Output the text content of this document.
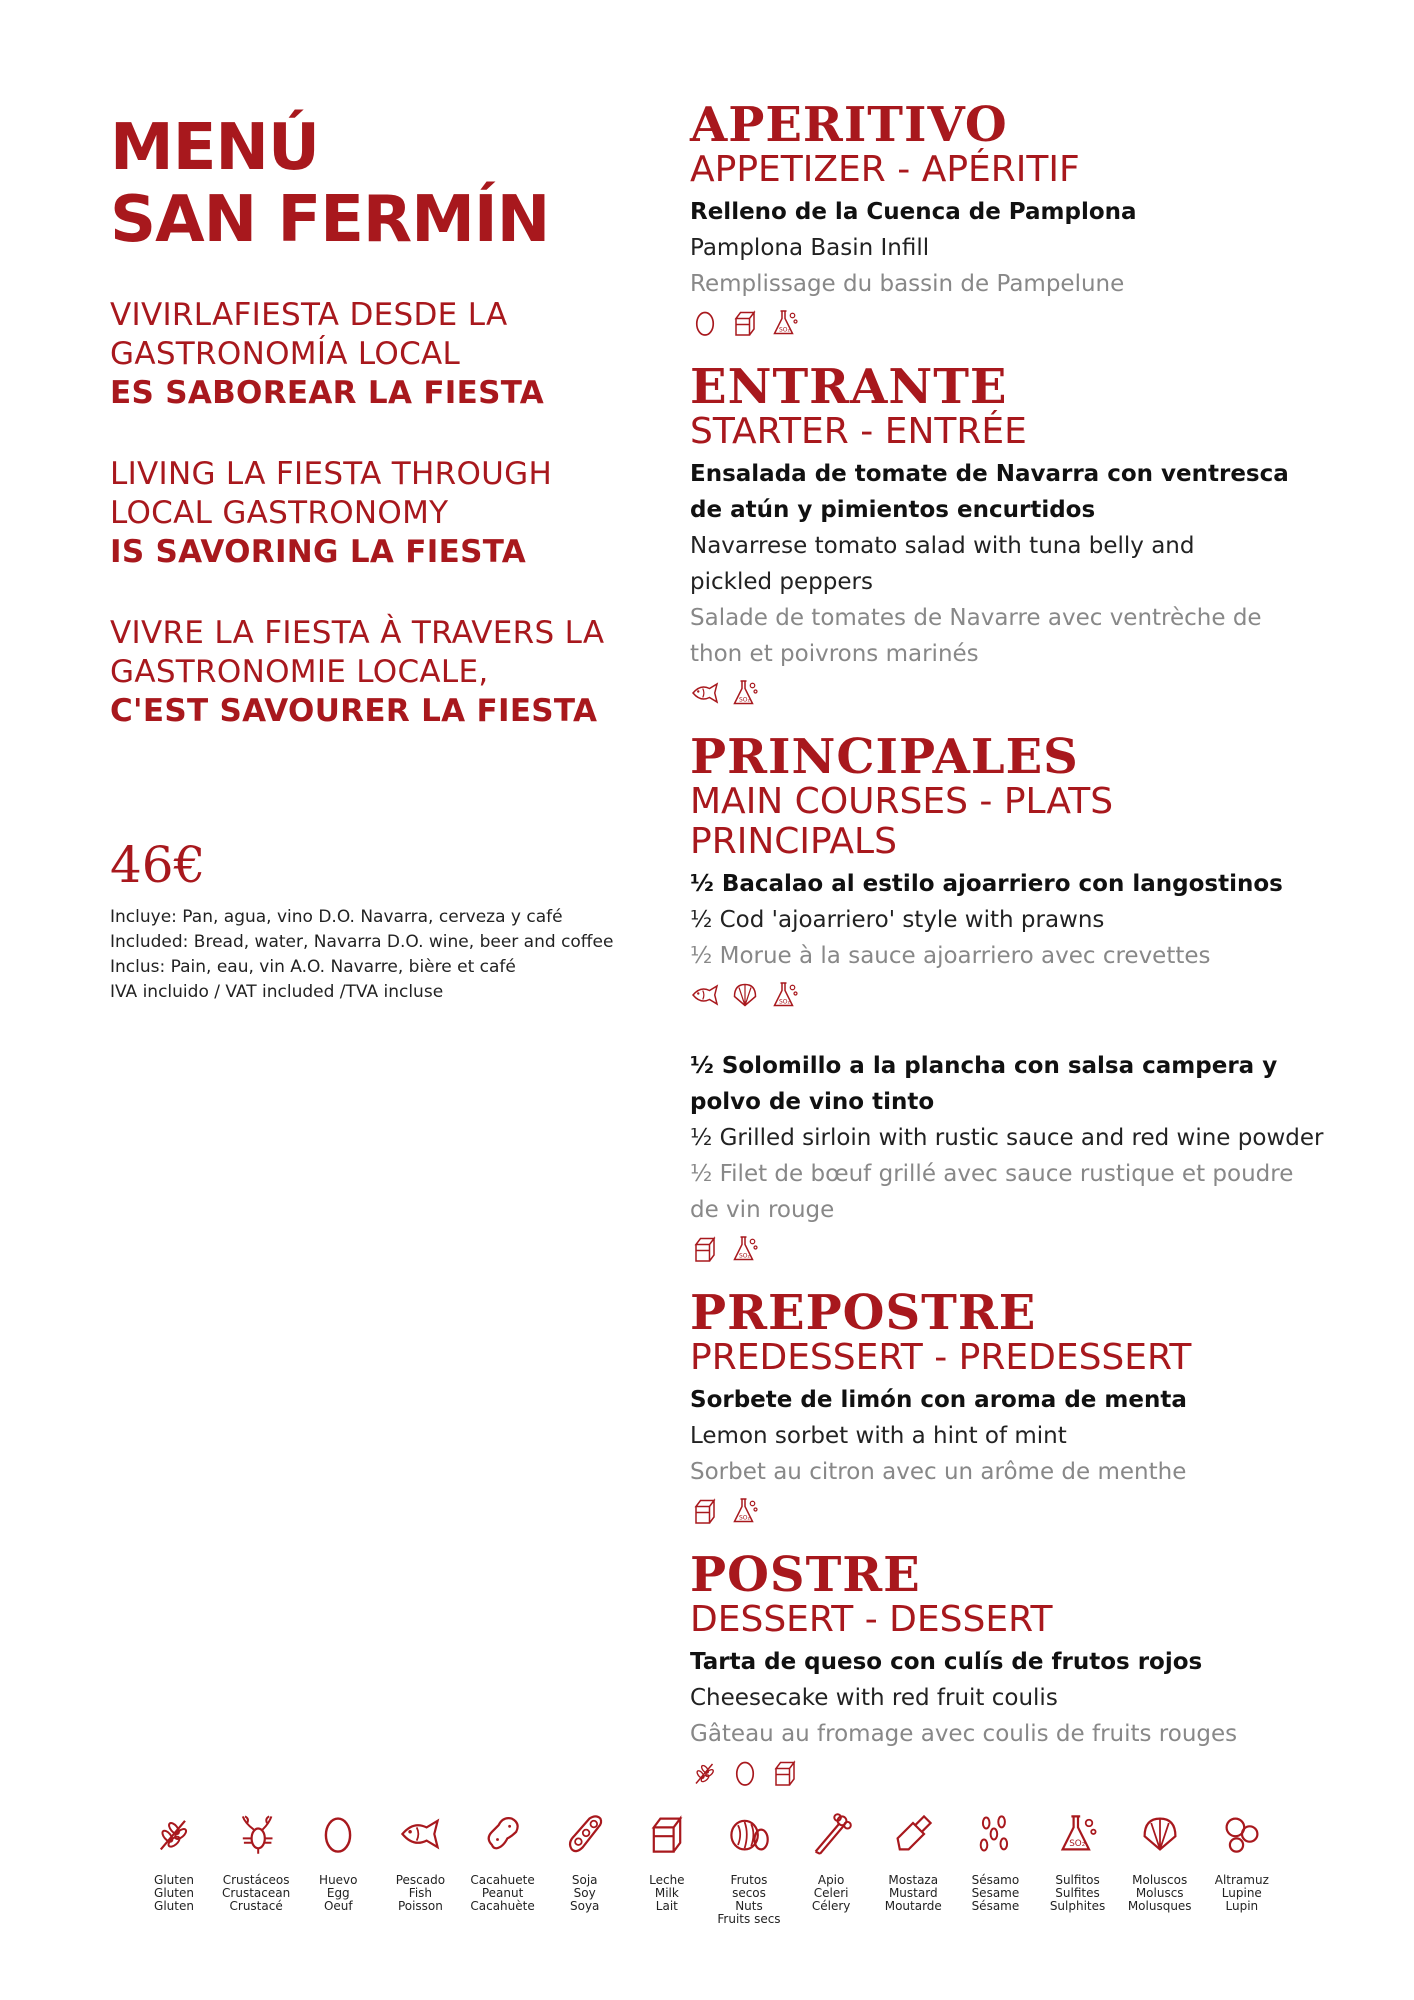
MENÚ
SAN FERMÍN
VIVIRLAFIESTA DESDE LA
GASTRONOMÍA LOCAL
ES SABOREAR LA FIESTA
LIVING LA FIESTA THROUGH
LOCAL GASTRONOMY
IS SAVORING LA FIESTA
VIVRE LA FIESTA À TRAVERS LA
GASTRONOMIE LOCALE,
C'EST SAVOURER LA FIESTA
46€
Incluye: Pan, agua, vino D.O. Navarra, cerveza y café
Included: Bread, water, Navarra D.O. wine, beer and coffee
Inclus: Pain, eau, vin A.O. Navarre, bière et café
IVA incluido / VAT included /TVA incluse
APERITIVO
APPETIZER - APÉRITIF
Relleno de la Cuenca de Pamplona
Pamplona Basin Infill
Remplissage du bassin de Pampelune
SO₂
ENTRANTE
STARTER - ENTRÉE
Ensalada de tomate de Navarra con ventresca
de atún y pimientos encurtidos
Navarrese tomato salad with tuna belly and
pickled peppers
Salade de tomates de Navarre avec ventrèche de
thon et poivrons marinés
SO₂
PRINCIPALES
MAIN COURSES - PLATS PRINCIPALS
½ Bacalao al estilo ajoarriero con langostinos
½ Cod 'ajoarriero' style with prawns
½ Morue à la sauce ajoarriero avec crevettes
SO₂
½ Solomillo a la plancha con salsa campera y
polvo de vino tinto
½ Grilled sirloin with rustic sauce and red wine powder
½ Filet de bœuf grillé avec sauce rustique et poudre
de vin rouge
SO₂
PREPOSTRE
PREDESSERT - PREDESSERT
Sorbete de limón con aroma de menta
Lemon sorbet with a hint of mint
Sorbet au citron avec un arôme de menthe
SO₂
POSTRE
DESSERT - DESSERT
Tarta de queso con culís de frutos rojos
Cheesecake with red fruit coulis
Gâteau au fromage avec coulis de fruits rouges
Gluten
Gluten
Gluten
Crustáceos
Crustacean
Crustacé
Huevo
Egg
Oeuf
Pescado
Fish
Poisson
Cacahuete
Peanut
Cacahuète
Soja
Soy
Soya
Leche
Milk
Lait
Frutos secos
Nuts
Fruits secs
Apio
Celeri
Célery
Mostaza
Mustard
Moutarde
Sésamo
Sesame
Sésame
SO₂
Sulfitos
Sulfites
Sulphites
Moluscos
Moluscs
Molusques
Altramuz
Lupine
Lupin
